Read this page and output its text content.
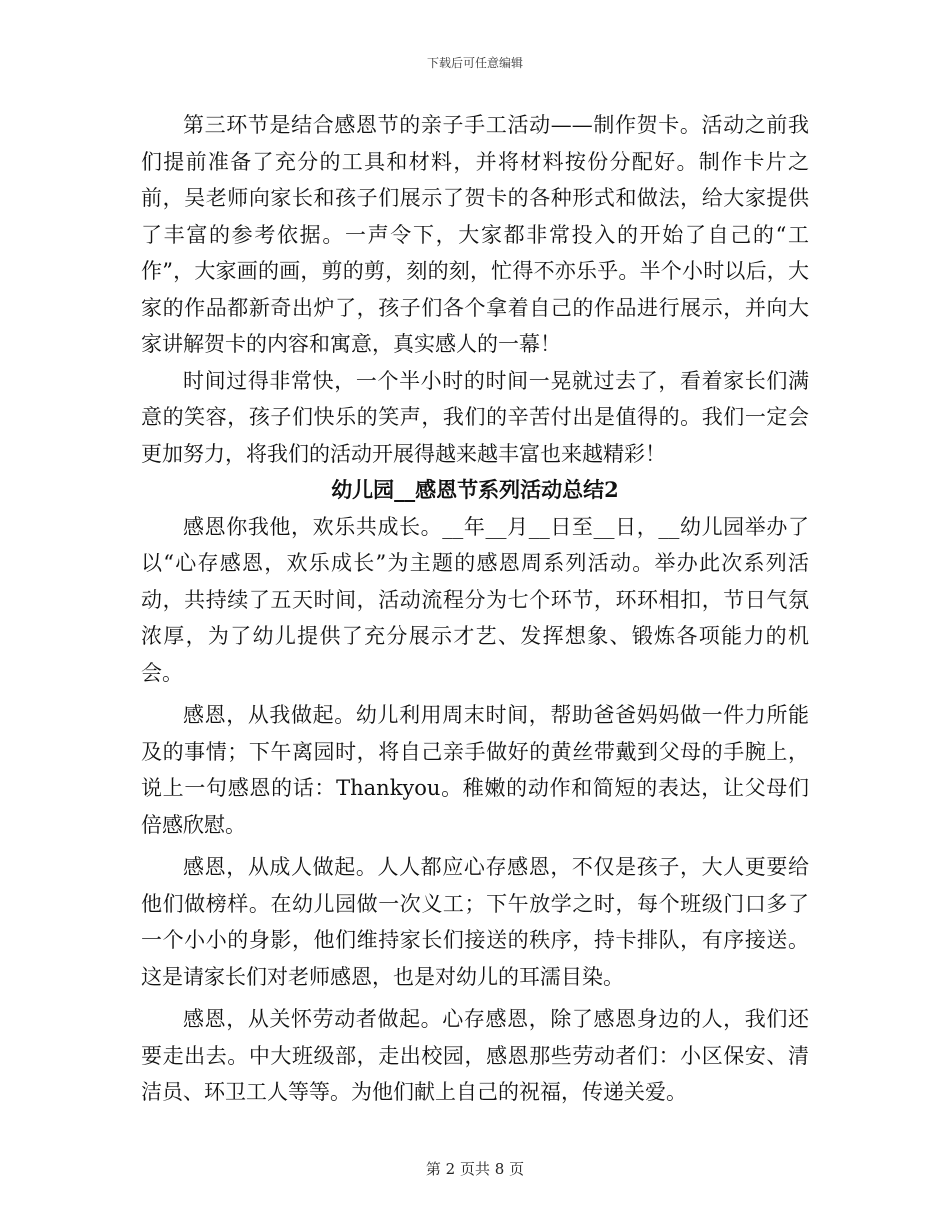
下载后可任意编辑

第三环节是结合感恩节的亲子手工活动——制作贺卡。活动之前我们提前准备了充分的工具和材料，并将材料按份分配好。制作卡片之前，吴老师向家长和孩子们展示了贺卡的各种形式和做法，给大家提供了丰富的参考依据。一声令下，大家都非常投入的开始了自己的“工作”，大家画的画，剪的剪，刻的刻，忙得不亦乐乎。半个小时以后，大家的作品都新奇出炉了，孩子们各个拿着自己的作品进行展示，并向大家讲解贺卡的内容和寓意，真实感人的一幕！

时间过得非常快，一个半小时的时间一晃就过去了，看着家长们满意的笑容，孩子们快乐的笑声，我们的辛苦付出是值得的。我们一定会更加努力，将我们的活动开展得越来越丰富也来越精彩！

幼儿园__感恩节系列活动总结2

感恩你我他，欢乐共成长。__年__月__日至__日，__幼儿园举办了以“心存感恩，欢乐成长”为主题的感恩周系列活动。举办此次系列活动，共持续了五天时间，活动流程分为七个环节，环环相扣，节日气氛浓厚，为了幼儿提供了充分展示才艺、发挥想象、锻炼各项能力的机会。

感恩，从我做起。幼儿利用周末时间，帮助爸爸妈妈做一件力所能及的事情；下午离园时，将自己亲手做好的黄丝带戴到父母的手腕上，说上一句感恩的话：Thankyou。稚嫩的动作和简短的表达，让父母们倍感欣慰。

感恩，从成人做起。人人都应心存感恩，不仅是孩子，大人更要给他们做榜样。在幼儿园做一次义工；下午放学之时，每个班级门口多了一个小小的身影，他们维持家长们接送的秩序，持卡排队，有序接送。这是请家长们对老师感恩，也是对幼儿的耳濡目染。

感恩，从关怀劳动者做起。心存感恩，除了感恩身边的人，我们还要走出去。中大班级部，走出校园，感恩那些劳动者们：小区保安、清洁员、环卫工人等等。为他们献上自己的祝福，传递关爱。

第 2 页共 8 页
